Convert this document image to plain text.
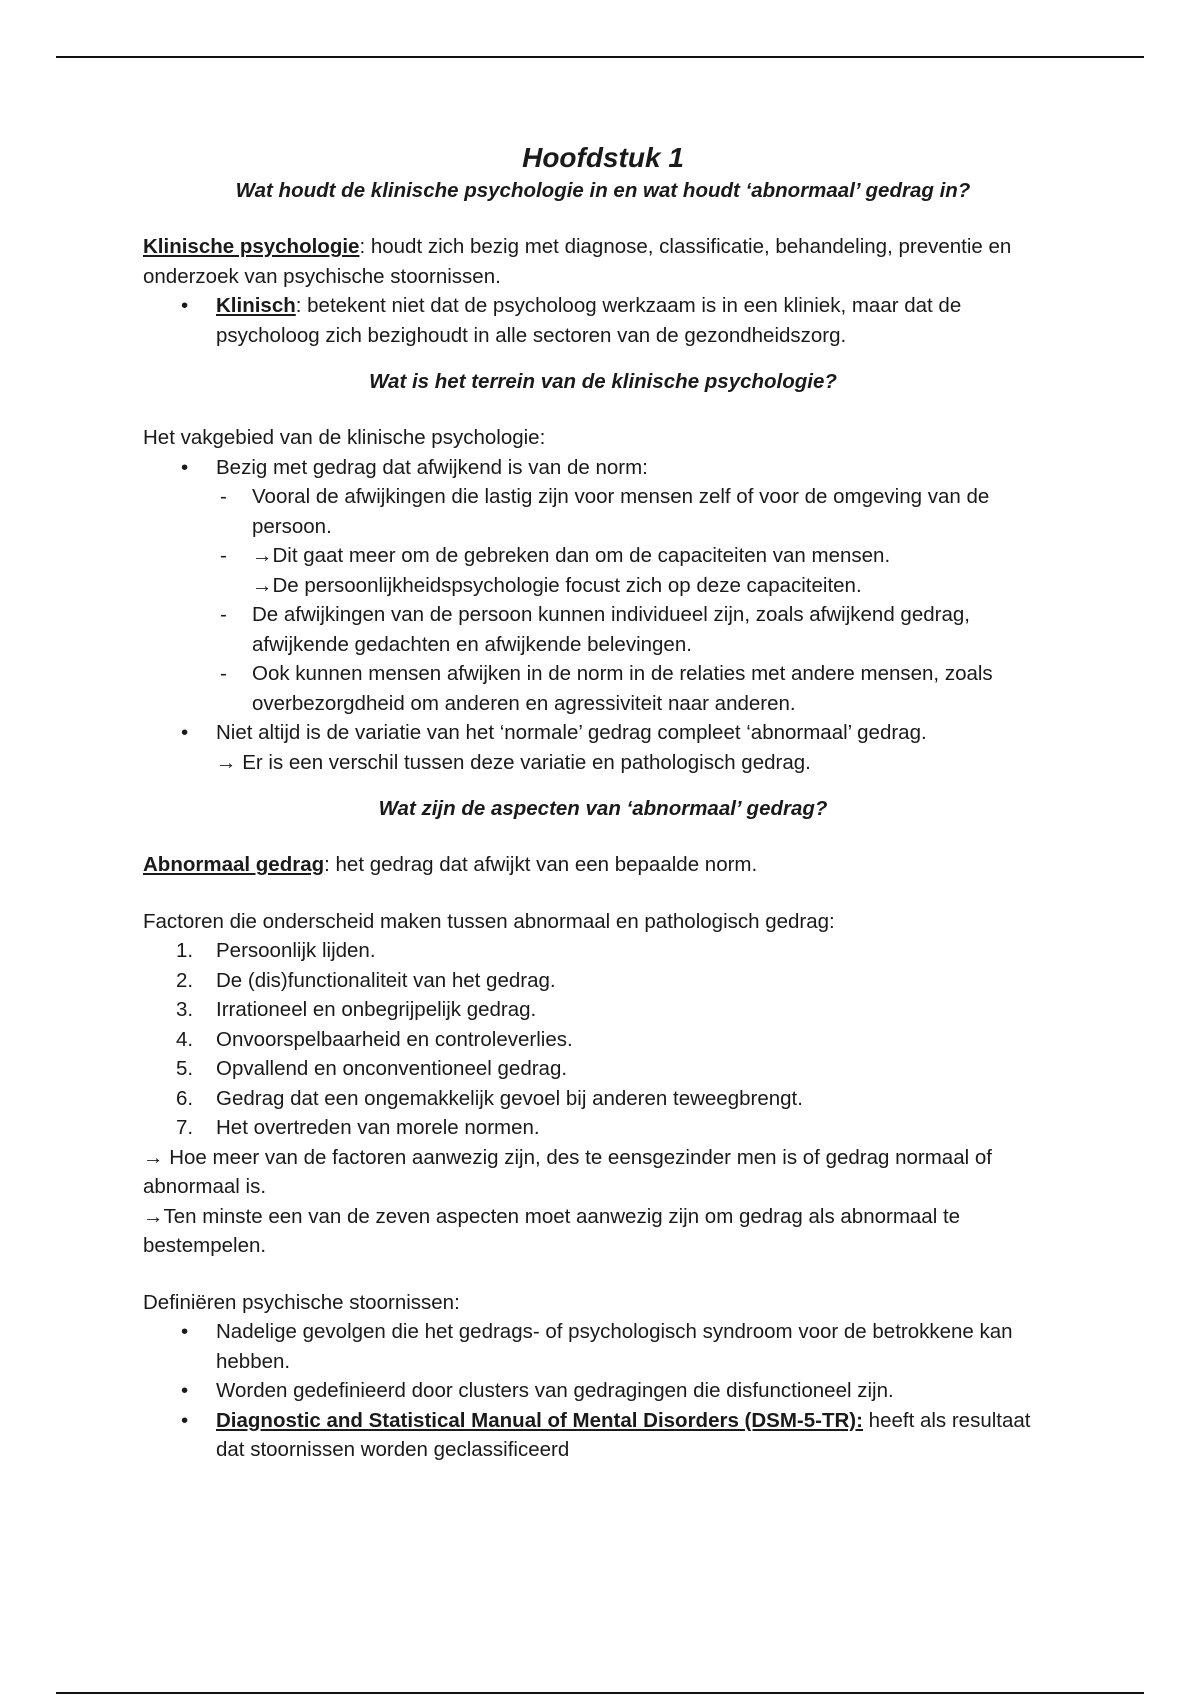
Hoofdstuk 1

Wat houdt de klinische psychologie in en wat houdt ‘abnormaal’ gedrag in?

Klinische psychologie: houdt zich bezig met diagnose, classificatie, behandeling, preventie en onderzoek van psychische stoornissen.

• Klinisch: betekent niet dat de psycholoog werkzaam is in een kliniek, maar dat de psycholoog zich bezighoudt in alle sectoren van de gezondheidszorg.

Wat is het terrein van de klinische psychologie?

Het vakgebied van de klinische psychologie:

• Bezig met gedrag dat afwijkend is van de norm:
- Vooral de afwijkingen die lastig zijn voor mensen zelf of voor de omgeving van de persoon.
- →Dit gaat meer om de gebreken dan om de capaciteiten van mensen.
→De persoonlijkheidspsychologie focust zich op deze capaciteiten.
- De afwijkingen van de persoon kunnen individueel zijn, zoals afwijkend gedrag, afwijkende gedachten en afwijkende belevingen.
- Ook kunnen mensen afwijken in de norm in de relaties met andere mensen, zoals overbezorgdheid om anderen en agressiviteit naar anderen.
• Niet altijd is de variatie van het ‘normale’ gedrag compleet ‘abnormaal’ gedrag.
→ Er is een verschil tussen deze variatie en pathologisch gedrag.

Wat zijn de aspecten van ‘abnormaal’ gedrag?

Abnormaal gedrag: het gedrag dat afwijkt van een bepaalde norm.

Factoren die onderscheid maken tussen abnormaal en pathologisch gedrag:

1. Persoonlijk lijden.
2. De (dis)functionaliteit van het gedrag.
3. Irrationeel en onbegrijpelijk gedrag.
4. Onvoorspelbaarheid en controleverlies.
5. Opvallend en onconventioneel gedrag.
6. Gedrag dat een ongemakkelijk gevoel bij anderen teweegbrengt.
7. Het overtreden van morele normen.

→ Hoe meer van de factoren aanwezig zijn, des te eensgezinder men is of gedrag normaal of abnormaal is.

→Ten minste een van de zeven aspecten moet aanwezig zijn om gedrag als abnormaal te bestempelen.

Definiëren psychische stoornissen:

• Nadelige gevolgen die het gedrags- of psychologisch syndroom voor de betrokkene kan hebben.
• Worden gedefinieerd door clusters van gedragingen die disfunctioneel zijn.
• Diagnostic and Statistical Manual of Mental Disorders (DSM-5-TR): heeft als resultaat dat stoornissen worden geclassificeerd
